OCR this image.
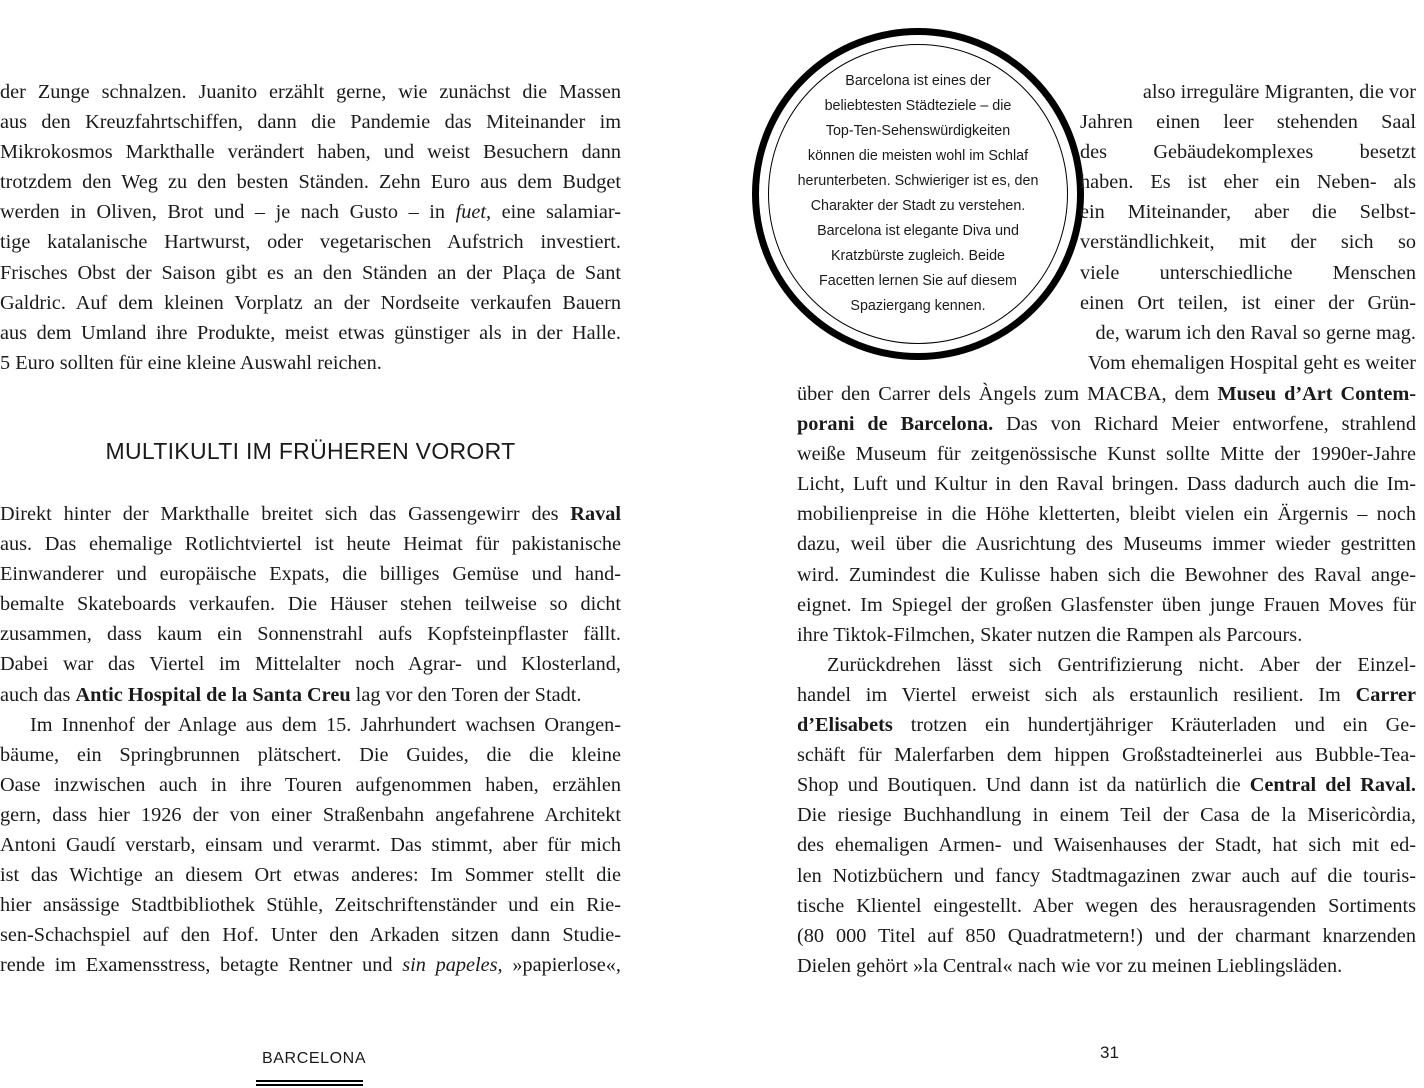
der Zunge schnalzen. Juanito erzählt gerne, wie zunächst die Massen
aus den Kreuzfahrtschiffen, dann die Pandemie das Miteinander im
Mikrokosmos Markthalle verändert haben, und weist Besuchern dann
trotzdem den Weg zu den besten Ständen. Zehn Euro aus dem Budget
werden in Oliven, Brot und – je nach Gusto – in fuet, eine salamiar-
tige katalanische Hartwurst, oder vegetarischen Aufstrich investiert.
Frisches Obst der Saison gibt es an den Ständen an der Plaça de Sant
Galdric. Auf dem kleinen Vorplatz an der Nordseite verkaufen Bauern
aus dem Umland ihre Produkte, meist etwas günstiger als in der Halle.
5 Euro sollten für eine kleine Auswahl reichen.
MULTIKULTI IM FRÜHEREN VORORT
Direkt hinter der Markthalle breitet sich das Gassengewirr des Raval
aus. Das ehemalige Rotlichtviertel ist heute Heimat für pakistanische
Einwanderer und europäische Expats, die billiges Gemüse und hand-
bemalte Skateboards verkaufen. Die Häuser stehen teilweise so dicht
zusammen, dass kaum ein Sonnenstrahl aufs Kopfsteinpflaster fällt.
Dabei war das Viertel im Mittelalter noch Agrar- und Klosterland,
auch das Antic Hospital de la Santa Creu lag vor den Toren der Stadt.
Im Innenhof der Anlage aus dem 15. Jahrhundert wachsen Orangen-
bäume, ein Springbrunnen plätschert. Die Guides, die die kleine
Oase inzwischen auch in ihre Touren aufgenommen haben, erzählen
gern, dass hier 1926 der von einer Straßenbahn angefahrene Architekt
Antoni Gaudí verstarb, einsam und verarmt. Das stimmt, aber für mich
ist das Wichtige an diesem Ort etwas anderes: Im Sommer stellt die
hier ansässige Stadtbibliothek Stühle, Zeitschriftenständer und ein Rie-
sen-Schachspiel auf den Hof. Unter den Arkaden sitzen dann Studie-
rende im Examensstress, betagte Rentner und sin papeles, »papierlose«,
BARCELONA
Barcelona ist eines der
beliebtesten Städteziele – die
Top-Ten-Sehenswürdigkeiten
können die meisten wohl im Schlaf
herunterbeten. Schwieriger ist es, den
Charakter der Stadt zu verstehen.
Barcelona ist elegante Diva und
Kratzbürste zugleich. Beide
Facetten lernen Sie auf diesem
Spaziergang kennen.
also irreguläre Migranten, die vor
Jahren einen leer stehenden Saal
des Gebäudekomplexes besetzt
haben. Es ist eher ein Neben- als
ein Miteinander, aber die Selbst-
verständlichkeit, mit der sich so
viele unterschiedliche Menschen
einen Ort teilen, ist einer der Grün-
de, warum ich den Raval so gerne mag.
Vom ehemaligen Hospital geht es weiter
über den Carrer dels Àngels zum MACBA, dem Museu d’Art Contem-
porani de Barcelona. Das von Richard Meier entworfene, strahlend
weiße Museum für zeitgenössische Kunst sollte Mitte der 1990er-Jahre
Licht, Luft und Kultur in den Raval bringen. Dass dadurch auch die Im-
mobilienpreise in die Höhe kletterten, bleibt vielen ein Ärgernis – noch
dazu, weil über die Ausrichtung des Museums immer wieder gestritten
wird. Zumindest die Kulisse haben sich die Bewohner des Raval ange-
eignet. Im Spiegel der großen Glasfenster üben junge Frauen Moves für
ihre Tiktok-Filmchen, Skater nutzen die Rampen als Parcours.
Zurückdrehen lässt sich Gentrifizierung nicht. Aber der Einzel-
handel im Viertel erweist sich als erstaunlich resilient. Im Carrer
d’Elisabets trotzen ein hundertjähriger Kräuterladen und ein Ge-
schäft für Malerfarben dem hippen Großstadteinerlei aus Bubble-Tea-
Shop und Boutiquen. Und dann ist da natürlich die Central del Raval.
Die riesige Buchhandlung in einem Teil der Casa de la Misericòrdia,
des ehemaligen Armen- und Waisenhauses der Stadt, hat sich mit ed-
len Notizbüchern und fancy Stadtmagazinen zwar auch auf die touris-
tische Klientel eingestellt. Aber wegen des herausragenden Sortiments
(80 000 Titel auf 850 Quadratmetern!) und der charmant knarzenden
Dielen gehört »la Central« nach wie vor zu meinen Lieblingsläden.
31
